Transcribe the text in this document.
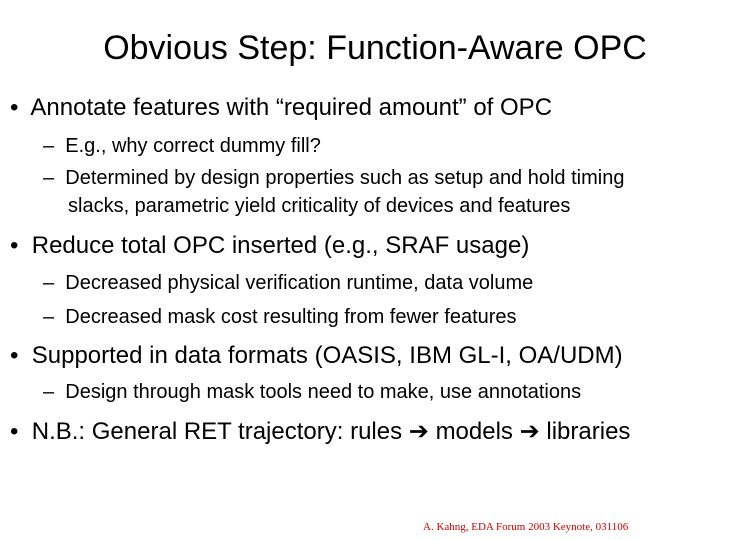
Obvious Step: Function-Aware OPC
• Annotate features with “required amount” of OPC
– E.g., why correct dummy fill?
– Determined by design properties such as setup and hold timing
slacks, parametric yield criticality of devices and features
• Reduce total OPC inserted (e.g., SRAF usage)
– Decreased physical verification runtime, data volume
– Decreased mask cost resulting from fewer features
• Supported in data formats (OASIS, IBM GL-I, OA/UDM)
– Design through mask tools need to make, use annotations
• N.B.: General RET trajectory: rules ➔ models ➔ libraries
A. Kahng, EDA Forum 2003 Keynote, 031106
